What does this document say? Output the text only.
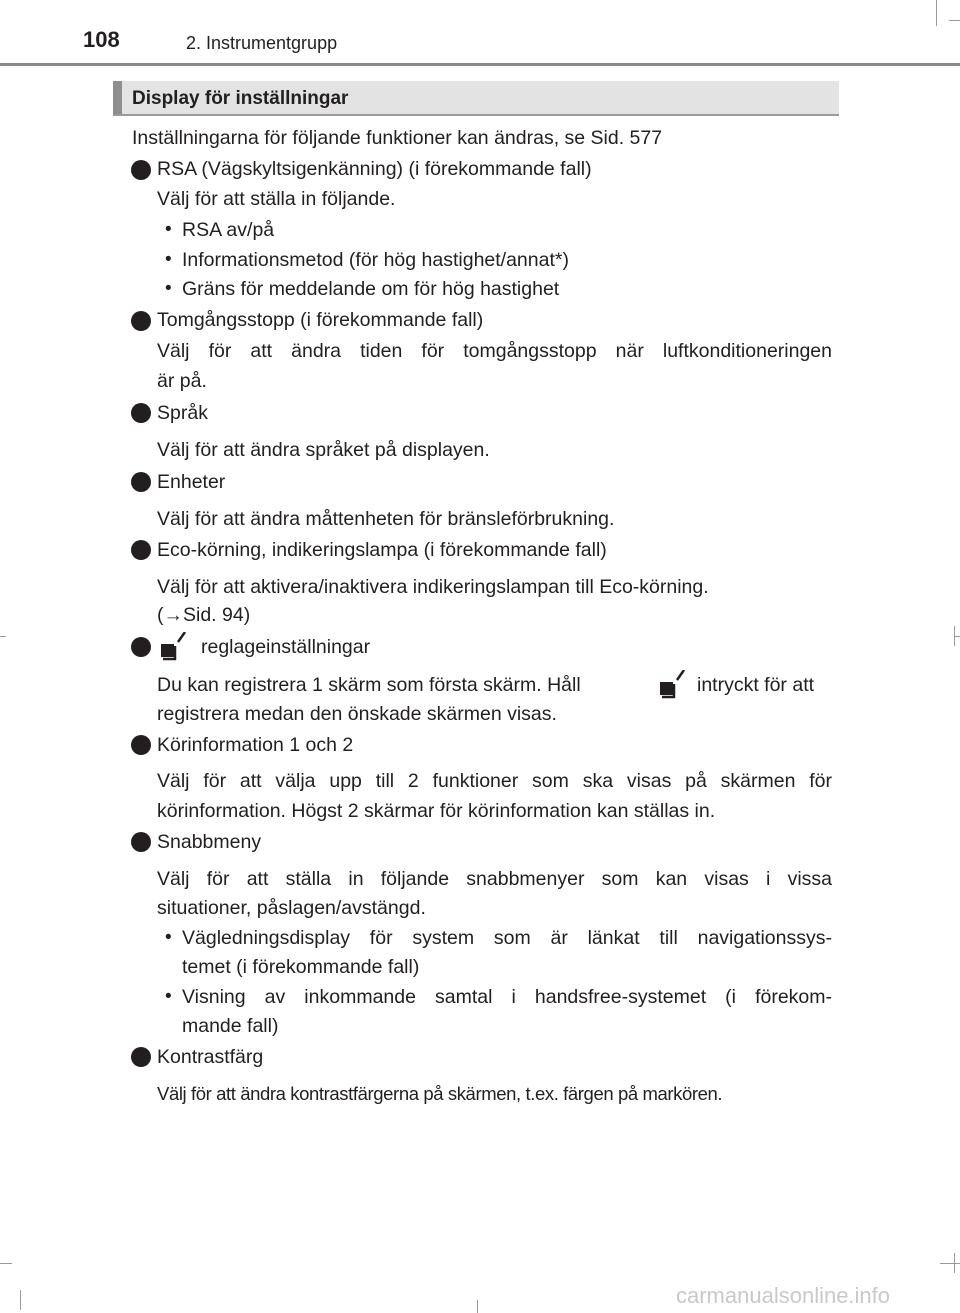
108	2. Instrumentgrupp
Display för inställningar
Inställningarna för följande funktioner kan ändras, se Sid. 577
RSA (Vägskyltsigenkänning) (i förekommande fall)
Välj för att ställa in följande.
• RSA av/på
• Informationsmetod (för hög hastighet/annat*)
• Gräns för meddelande om för hög hastighet
Tomgångsstopp (i förekommande fall)
Välj för att ändra tiden för tomgångsstopp när luftkonditioneringen
är på.
Språk
Välj för att ändra språket på displayen.
Enheter
Välj för att ändra måttenheten för bränsleförbrukning.
Eco-körning, indikeringslampa (i förekommande fall)
Välj för att aktivera/inaktivera indikeringslampan till Eco-körning.
(→Sid. 94)
reglageinställningar
Du kan registrera 1 skärm som första skärm. Håll	intryckt för att
registrera medan den önskade skärmen visas.
Körinformation 1 och 2
Välj för att välja upp till 2 funktioner som ska visas på skärmen för
körinformation. Högst 2 skärmar för körinformation kan ställas in.
Snabbmeny
Välj för att ställa in följande snabbmenyer som kan visas i vissa
situationer, påslagen/avstängd.
• Vägledningsdisplay för system som är länkat till navigationssys-
temet (i förekommande fall)
• Visning av inkommande samtal i handsfree-systemet (i förekom-
mande fall)
Kontrastfärg
Välj för att ändra kontrastfärgerna på skärmen, t.ex. färgen på markören.
carmanualsonline.info
